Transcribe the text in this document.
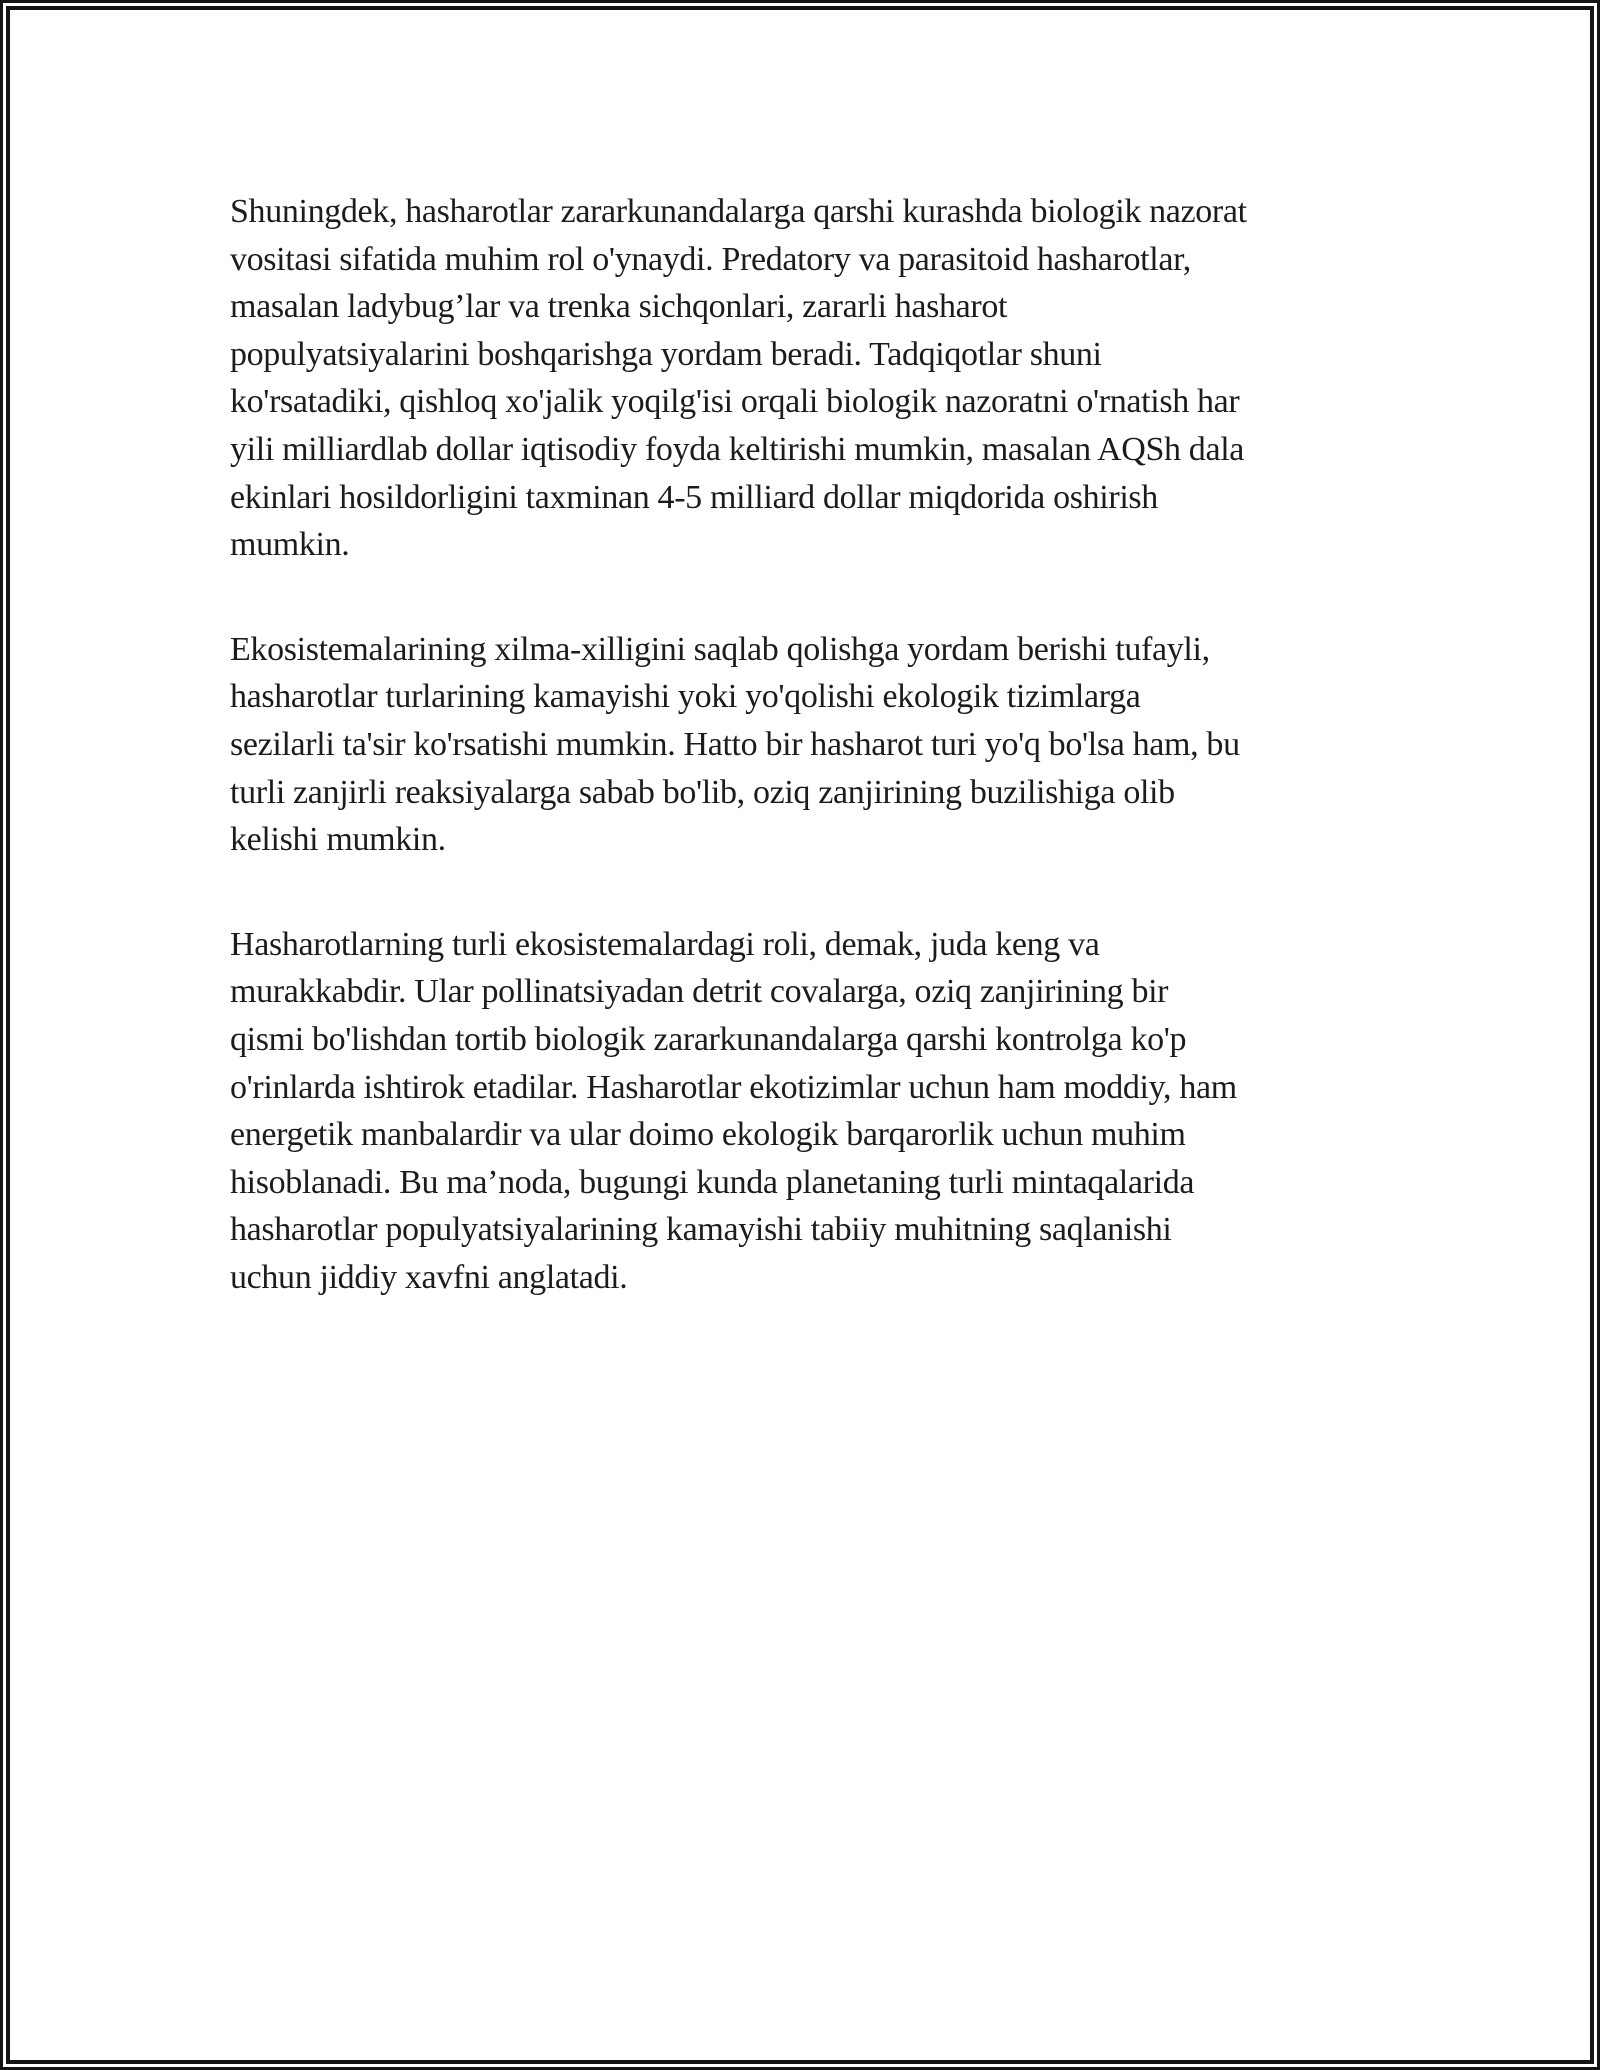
Shuningdek, hasharotlar zararkunandalarga qarshi kurashda biologik nazorat
vositasi sifatida muhim rol o'ynaydi. Predatory va parasitoid hasharotlar,
masalan ladybug’lar va trenka sichqonlari, zararli hasharot
populyatsiyalarini boshqarishga yordam beradi. Tadqiqotlar shuni
ko'rsatadiki, qishloq xo'jalik yoqilg'isi orqali biologik nazoratni o'rnatish har
yili milliardlab dollar iqtisodiy foyda keltirishi mumkin, masalan AQSh dala
ekinlari hosildorligini taxminan 4-5 milliard dollar miqdorida oshirish
mumkin.
Ekosistemalarining xilma-xilligini saqlab qolishga yordam berishi tufayli,
hasharotlar turlarining kamayishi yoki yo'qolishi ekologik tizimlarga
sezilarli ta'sir ko'rsatishi mumkin. Hatto bir hasharot turi yo'q bo'lsa ham, bu
turli zanjirli reaksiyalarga sabab bo'lib, oziq zanjirining buzilishiga olib
kelishi mumkin.
Hasharotlarning turli ekosistemalardagi roli, demak, juda keng va
murakkabdir. Ular pollinatsiyadan detrit covalarga, oziq zanjirining bir
qismi bo'lishdan tortib biologik zararkunandalarga qarshi kontrolga ko'p
o'rinlarda ishtirok etadilar. Hasharotlar ekotizimlar uchun ham moddiy, ham
energetik manbalardir va ular doimo ekologik barqarorlik uchun muhim
hisoblanadi. Bu ma’noda, bugungi kunda planetaning turli mintaqalarida
hasharotlar populyatsiyalarining kamayishi tabiiy muhitning saqlanishi
uchun jiddiy xavfni anglatadi.
